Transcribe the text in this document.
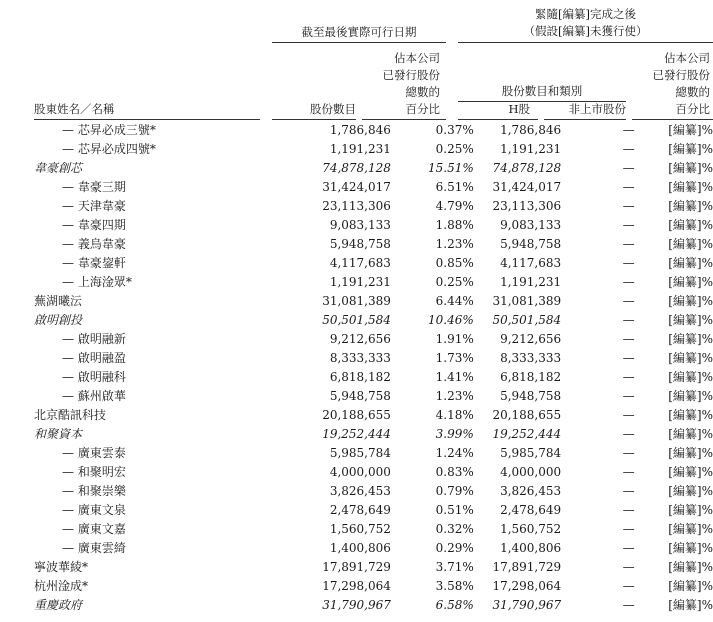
截至最後實際可行日期
緊隨[編纂]完成之後
（假設[編纂]未獲行使）
股份數目和類別
股東姓名／名稱	股份數目
佔本公司
已發行股份
總數的
百分比	H股	非上市股份
佔本公司
已發行股份
總數的
百分比
— 芯昇必成三號*	1,786,846	0.37%	1,786,846	—	[編纂]%
— 芯昇必成四號*	1,191,231	0.25%	1,191,231	—	[編纂]%
韋豪創芯	74,878,128	15.51%	74,878,128	—	[編纂]%
— 韋豪三期	31,424,017	6.51%	31,424,017	—	[編纂]%
— 天津韋豪	23,113,306	4.79%	23,113,306	—	[編纂]%
— 韋豪四期	9,083,133	1.88%	9,083,133	—	[編纂]%
— 義烏韋豪	5,948,758	1.23%	5,948,758	—	[編纂]%
— 韋豪鋆軒	4,117,683	0.85%	4,117,683	—	[編纂]%
— 上海淦眾*	1,191,231	0.25%	1,191,231	—	[編纂]%
蕪湖曦沄	31,081,389	6.44%	31,081,389	—	[編纂]%
啟明創投	50,501,584	10.46%	50,501,584	—	[編纂]%
— 啟明融新	9,212,656	1.91%	9,212,656	—	[編纂]%
— 啟明融盈	8,333,333	1.73%	8,333,333	—	[編纂]%
— 啟明融科	6,818,182	1.41%	6,818,182	—	[編纂]%
— 蘇州啟華	5,948,758	1.23%	5,948,758	—	[編纂]%
北京酷訊科技	20,188,655	4.18%	20,188,655	—	[編纂]%
和聚資本	19,252,444	3.99%	19,252,444	—	[編纂]%
— 廣東雲泰	5,985,784	1.24%	5,985,784	—	[編纂]%
— 和聚明宏	4,000,000	0.83%	4,000,000	—	[編纂]%
— 和聚崇樂	3,826,453	0.79%	3,826,453	—	[編纂]%
— 廣東文泉	2,478,649	0.51%	2,478,649	—	[編纂]%
— 廣東文嘉	1,560,752	0.32%	1,560,752	—	[編纂]%
— 廣東雲綺	1,400,806	0.29%	1,400,806	—	[編纂]%
寧波華綾*	17,891,729	3.71%	17,891,729	—	[編纂]%
杭州淦成*	17,298,064	3.58%	17,298,064	—	[編纂]%
重慶政府	31,790,967	6.58%	31,790,967	—	[編纂]%
